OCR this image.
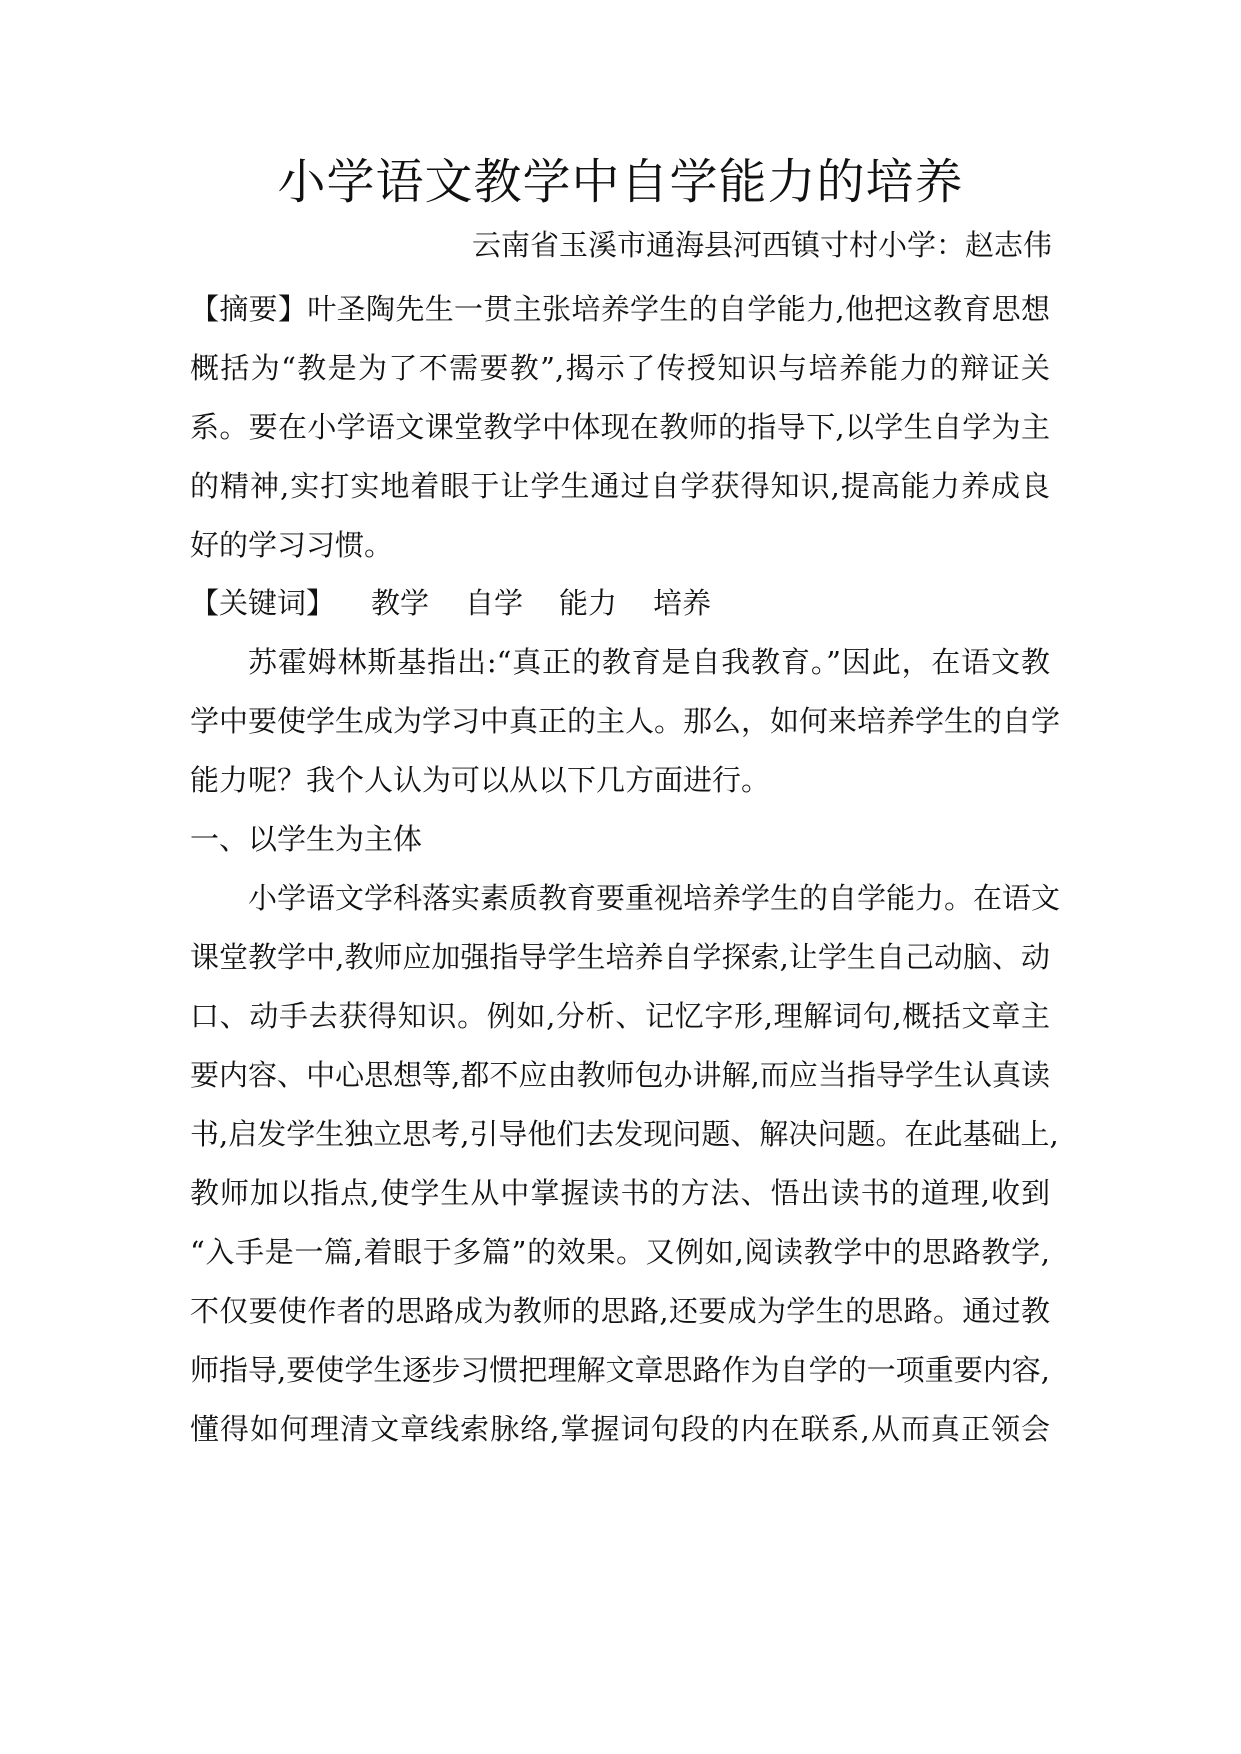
小学语文教学中自学能力的培养
云南省玉溪市通海县河西镇寸村小学：赵志伟
【摘要】叶圣陶先生一贯主张培养学生的自学能力,他把这教育思想
概括为“教是为了不需要教”,揭示了传授知识与培养能力的辩证关
系。要在小学语文课堂教学中体现在教师的指导下,以学生自学为主
的精神,实打实地着眼于让学生通过自学获得知识,提高能力养成良
好的学习习惯。
【关键词】 教学 自学 能力 培养
苏霍姆林斯基指出:“真正的教育是自我教育。”因此，在语文教
学中要使学生成为学习中真正的主人。那么，如何来培养学生的自学
能力呢？我个人认为可以从以下几方面进行。
一、以学生为主体
小学语文学科落实素质教育要重视培养学生的自学能力。在语文
课堂教学中,教师应加强指导学生培养自学探索,让学生自己动脑、动
口、动手去获得知识。例如,分析、记忆字形,理解词句,概括文章主
要内容、中心思想等,都不应由教师包办讲解,而应当指导学生认真读
书,启发学生独立思考,引导他们去发现问题、解决问题。在此基础上,
教师加以指点,使学生从中掌握读书的方法、悟出读书的道理,收到
“入手是一篇,着眼于多篇”的效果。又例如,阅读教学中的思路教学,
不仅要使作者的思路成为教师的思路,还要成为学生的思路。通过教
师指导,要使学生逐步习惯把理解文章思路作为自学的一项重要内容,
懂得如何理清文章线索脉络,掌握词句段的内在联系,从而真正领会
